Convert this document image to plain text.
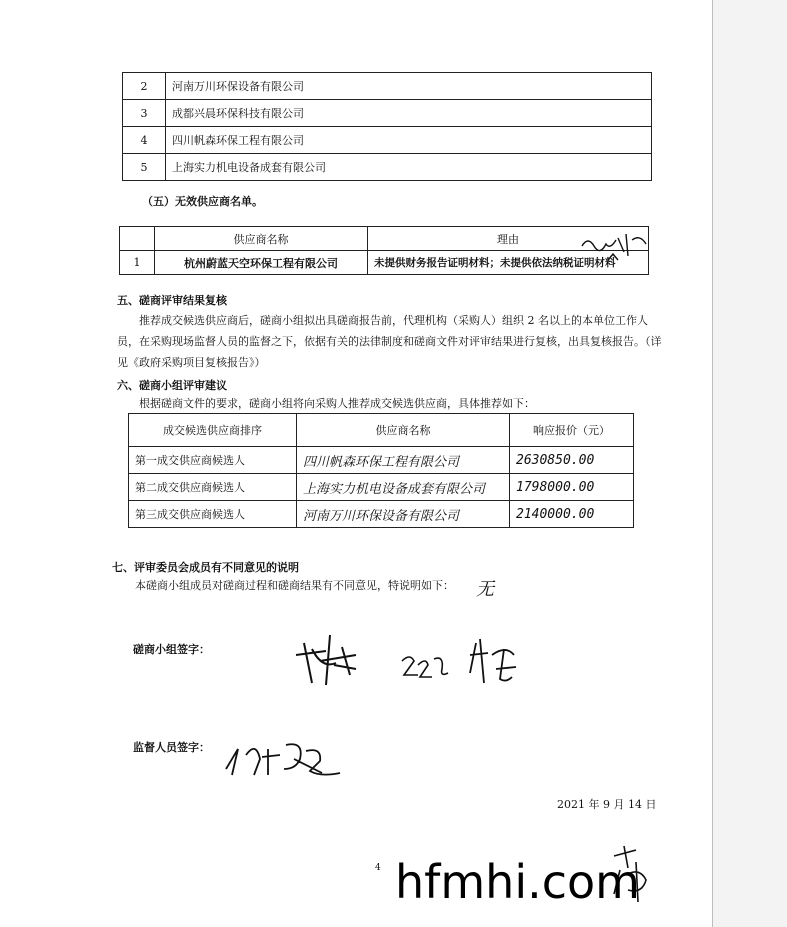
2	河南万川环保设备有限公司
3	成都兴晨环保科技有限公司
4	四川帆森环保工程有限公司
5	上海实力机电设备成套有限公司
（五）无效供应商名单。
	供应商名称	理由
1	杭州蔚蓝天空环保工程有限公司	未提供财务报告证明材料；未提供依法纳税证明材料
五、磋商评审结果复核
推荐成交候选供应商后，磋商小组拟出具磋商报告前，代理机构（采购人）组织 2 名以上的本单位工作人员，在采购现场监督人员的监督之下，依据有关的法律制度和磋商文件对评审结果进行复核，出具复核报告。（详见《政府采购项目复核报告》）
六、磋商小组评审建议
根据磋商文件的要求，磋商小组将向采购人推荐成交候选供应商，具体推荐如下：
成交候选供应商排序	供应商名称	响应报价（元）
第一成交供应商候选人	四川帆森环保工程有限公司	2630850.00
第二成交供应商候选人	上海实力机电设备成套有限公司	1798000.00
第三成交供应商候选人	河南万川环保设备有限公司	2140000.00
七、评审委员会成员有不同意见的说明
本磋商小组成员对磋商过程和磋商结果有不同意见，特说明如下： 无
磋商小组签字：
监督人员签字：
2021 年 9 月 14 日
4 hfmhi.com
